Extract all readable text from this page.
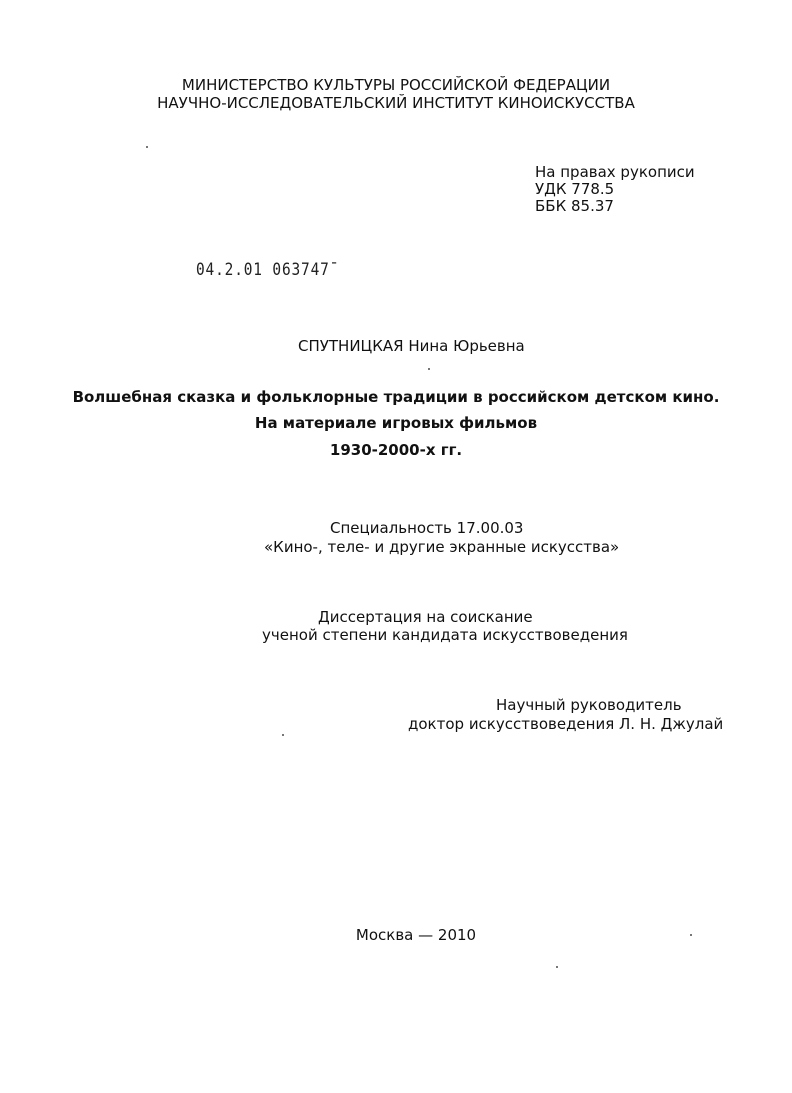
МИНИСТЕРСТВО КУЛЬТУРЫ РОССИЙСКОЙ ФЕДЕРАЦИИ
НАУЧНО-ИССЛЕДОВАТЕЛЬСКИЙ ИНСТИТУТ КИНОИСКУССТВА
На правах рукописи
УДК 778.5
ББК 85.37
04.2.01 063747¯
СПУТНИЦКАЯ Нина Юрьевна
Волшебная сказка и фольклорные традиции в российском детском кино.
На материале игровых фильмов
1930-2000-х гг.
Специальность 17.00.03
«Кино-, теле- и другие экранные искусства»
Диссертация на соискание
ученой степени кандидата искусствоведения
Научный руководитель
доктор искусствоведения Л. Н. Джулай
Москва — 2010
